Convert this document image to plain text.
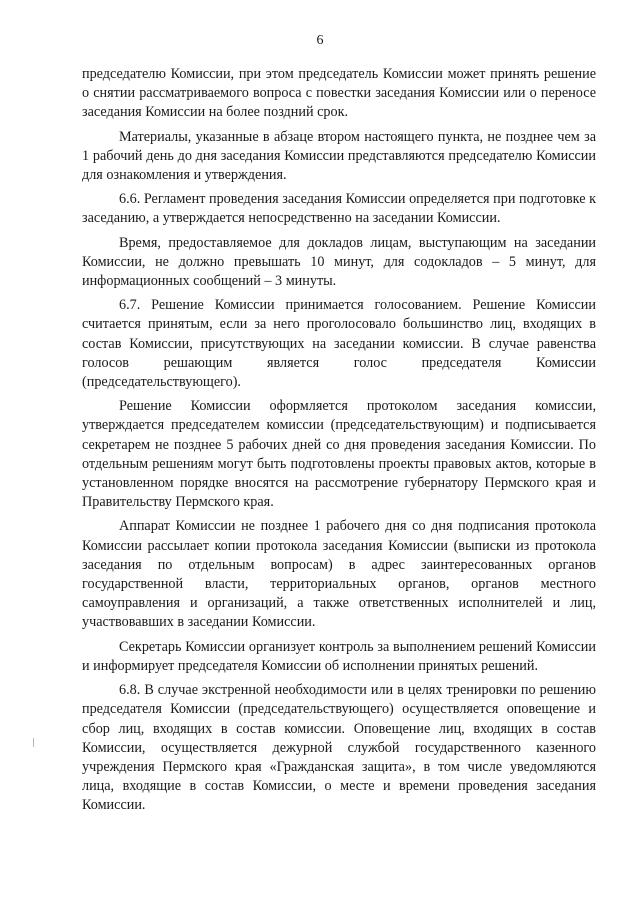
6

председателю Комиссии, при этом председатель Комиссии может принять решение о снятии рассматриваемого вопроса с повестки заседания Комиссии или о переносе заседания Комиссии на более поздний срок.

Материалы, указанные в абзаце втором настоящего пункта, не позднее чем за 1 рабочий день до дня заседания Комиссии представляются председателю Комиссии для ознакомления и утверждения.

6.6. Регламент проведения заседания Комиссии определяется при подготовке к заседанию, а утверждается непосредственно на заседании Комиссии.

Время, предоставляемое для докладов лицам, выступающим на заседании Комиссии, не должно превышать 10 минут, для содокладов – 5 минут, для информационных сообщений – 3 минуты.

6.7. Решение Комиссии принимается голосованием. Решение Комиссии считается принятым, если за него проголосовало большинство лиц, входящих в состав Комиссии, присутствующих на заседании комиссии. В случае равенства голосов решающим является голос председателя Комиссии (председательствующего).

Решение Комиссии оформляется протоколом заседания комиссии, утверждается председателем комиссии (председательствующим) и подписывается секретарем не позднее 5 рабочих дней со дня проведения заседания Комиссии. По отдельным решениям могут быть подготовлены проекты правовых актов, которые в установленном порядке вносятся на рассмотрение губернатору Пермского края и Правительству Пермского края.

Аппарат Комиссии не позднее 1 рабочего дня со дня подписания протокола Комиссии рассылает копии протокола заседания Комиссии (выписки из протокола заседания по отдельным вопросам) в адрес заинтересованных органов государственной власти, территориальных органов, органов местного самоуправления и организаций, а также ответственных исполнителей и лиц, участвовавших в заседании Комиссии.

Секретарь Комиссии организует контроль за выполнением решений Комиссии и информирует председателя Комиссии об исполнении принятых решений.

6.8. В случае экстренной необходимости или в целях тренировки по решению председателя Комиссии (председательствующего) осуществляется оповещение и сбор лиц, входящих в состав комиссии. Оповещение лиц, входящих в состав Комиссии, осуществляется дежурной службой государственного казенного учреждения Пермского края «Гражданская защита», в том числе уведомляются лица, входящие в состав Комиссии, о месте и времени проведения заседания Комиссии.
